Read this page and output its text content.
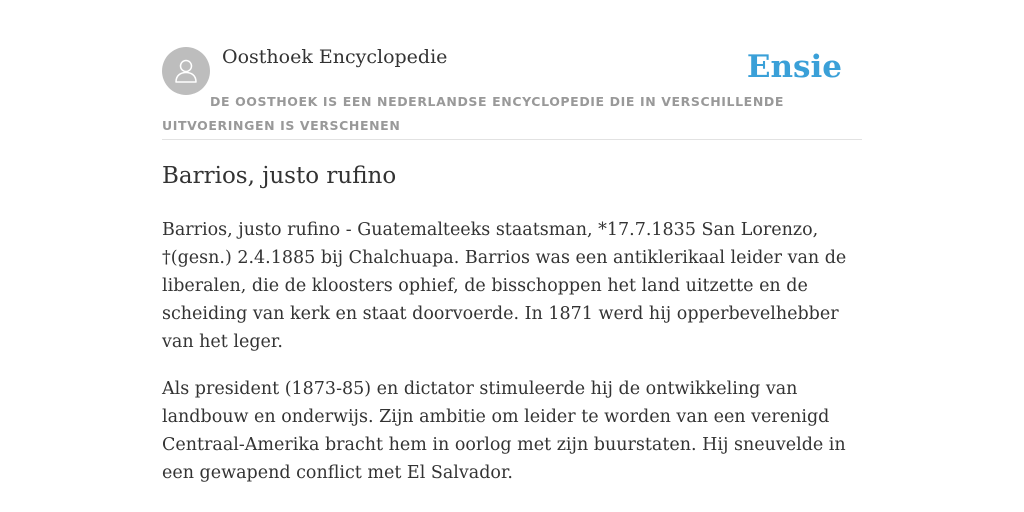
Oosthoek Encyclopedie	Ensie
DE OOSTHOEK IS EEN NEDERLANDSE ENCYCLOPEDIE DIE IN VERSCHILLENDE UITVOERINGEN IS VERSCHENEN
Barrios, justo rufino

Barrios, justo rufino - Guatemalteeks staatsman, *17.7.1835 San Lorenzo, †(gesn.) 2.4.1885 bij Chalchuapa. Barrios was een antiklerikaal leider van de liberalen, die de kloosters ophief, de bisschoppen het land uitzette en de scheiding van kerk en staat doorvoerde. In 1871 werd hij opperbevelhebber van het leger.

Als president (1873-85) en dictator stimuleerde hij de ontwikkeling van landbouw en onderwijs. Zijn ambitie om leider te worden van een verenigd Centraal-Amerika bracht hem in oorlog met zijn buurstaten. Hij sneuvelde in een gewapend conflict met El Salvador.
